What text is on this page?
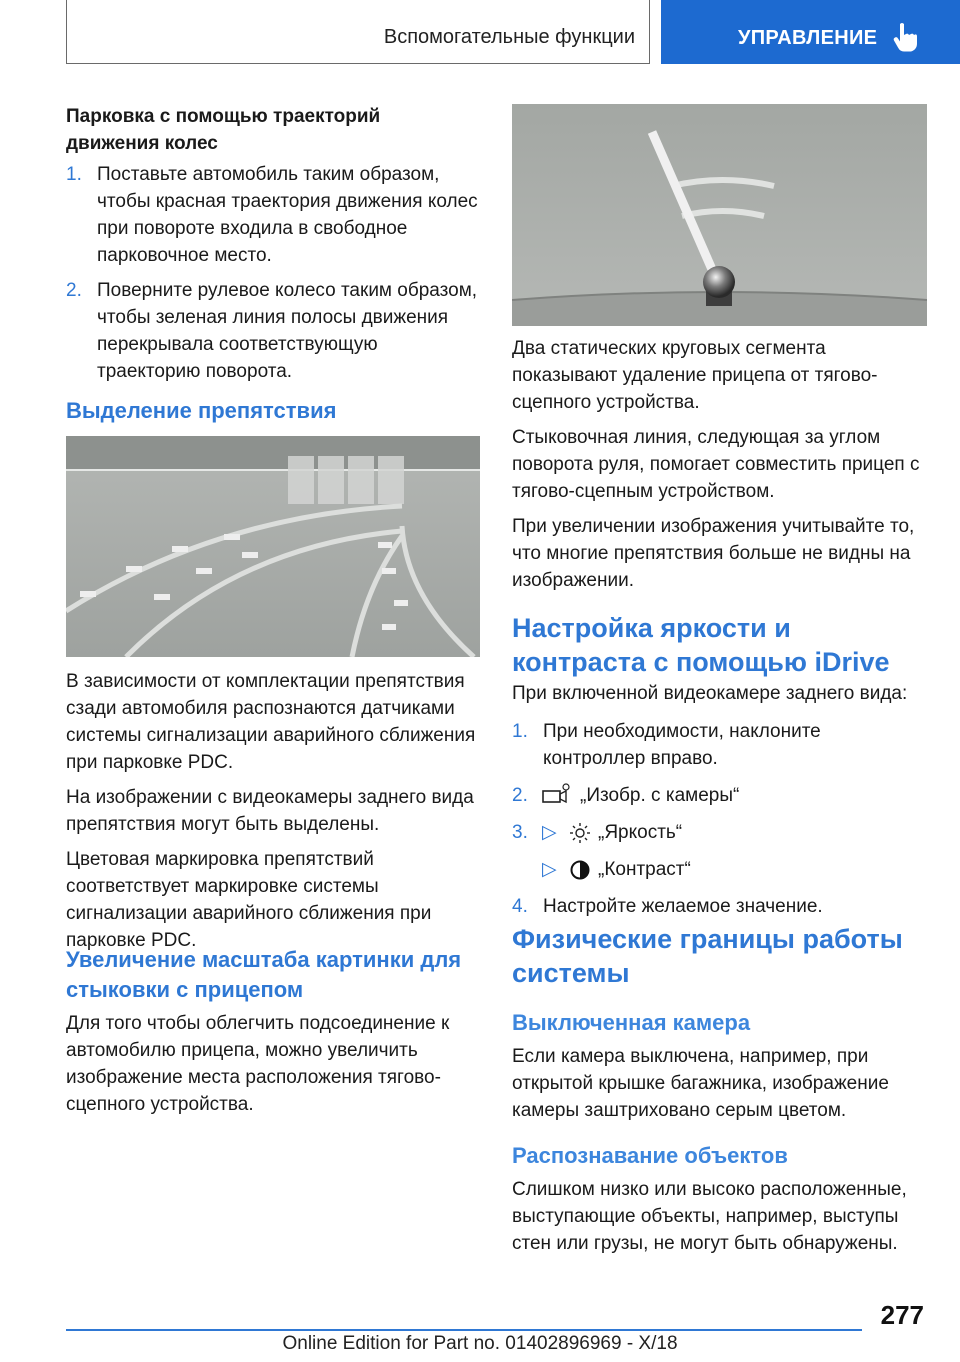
Вспомогательные функции	УПРАВЛЕНИЕ
Парковка с помощью траекторий движения колес
1. Поставьте автомобиль таким образом, чтобы красная траектория движения колес при повороте входила в свободное парковочное место.
2. Поверните рулевое колесо таким образом, чтобы зеленая линия полосы движения перекрывала соответствующую траекторию поворота.
Выделение препятствия
В зависимости от комплектации препятствия сзади автомобиля распознаются датчиками системы сигнализации аварийного сближения при парковке PDC.
На изображении с видеокамеры заднего вида препятствия могут быть выделены.
Цветовая маркировка препятствий соответствует маркировке системы сигнализации аварийного сближения при парковке PDC.
Увеличение масштаба картинки для стыковки с прицепом
Для того чтобы облегчить подсоединение к автомобилю прицепа, можно увеличить изображение места расположения тягово-сцепного устройства.
Два статических круговых сегмента показывают удаление прицепа от тягово-сцепного устройства.
Стыковочная линия, следующая за углом поворота руля, помогает совместить прицеп с тягово-сцепным устройством.
При увеличении изображения учитывайте то, что многие препятствия больше не видны на изображении.
Настройка яркости и контраста с помощью iDrive
При включенной видеокамере заднего вида:
1. При необходимости, наклоните контроллер вправо.
2.	„Изобр. с камеры“
3. ▷ „Яркость“
▷ „Контраст“
4. Настройте желаемое значение.
Физические границы работы системы
Выключенная камера
Если камера выключена, например, при открытой крышке багажника, изображение камеры заштриховано серым цветом.
Распознавание объектов
Слишком низко или высоко расположенные, выступающие объекты, например, выступы стен или грузы, не могут быть обнаружены.
277
Online Edition for Part no. 01402896969 - X/18
